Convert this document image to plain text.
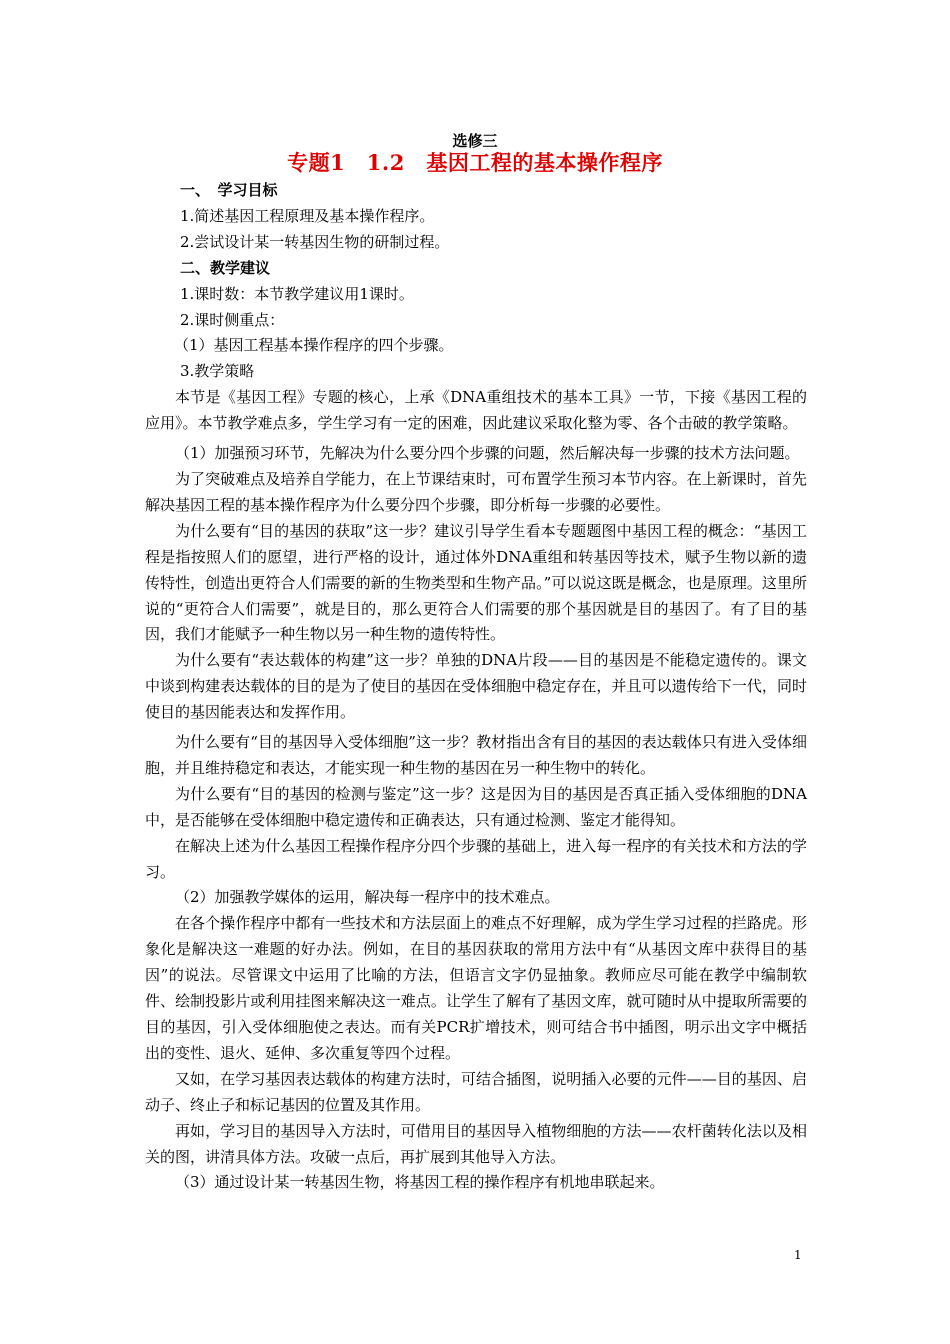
选修三
专题1　1.2　基因工程的基本操作程序

一、　学习目标

1.简述基因工程原理及基本操作程序。

2.尝试设计某一转基因生物的研制过程。

二、教学建议

1.课时数：本节教学建议用1课时。

2.课时侧重点：

（1）基因工程基本操作程序的四个步骤。

3.教学策略

本节是《基因工程》专题的核心，上承《DNA重组技术的基本工具》一节，下接《基因工程的应用》。本节教学难点多，学生学习有一定的困难，因此建议采取化整为零、各个击破的教学策略。

（1）加强预习环节，先解决为什么要分四个步骤的问题，然后解决每一步骤的技术方法问题。

为了突破难点及培养自学能力，在上节课结束时，可布置学生预习本节内容。在上新课时，首先解决基因工程的基本操作程序为什么要分四个步骤，即分析每一步骤的必要性。

为什么要有“目的基因的获取”这一步？建议引导学生看本专题题图中基因工程的概念：“基因工程是指按照人们的愿望，进行严格的设计，通过体外DNA重组和转基因等技术，赋予生物以新的遗传特性，创造出更符合人们需要的新的生物类型和生物产品。”可以说这既是概念，也是原理。这里所说的“更符合人们需要”，就是目的，那么更符合人们需要的那个基因就是目的基因了。有了目的基因，我们才能赋予一种生物以另一种生物的遗传特性。

为什么要有“表达载体的构建”这一步？单独的DNA片段——目的基因是不能稳定遗传的。课文中谈到构建表达载体的目的是为了使目的基因在受体细胞中稳定存在，并且可以遗传给下一代，同时使目的基因能表达和发挥作用。

为什么要有“目的基因导入受体细胞”这一步？教材指出含有目的基因的表达载体只有进入受体细胞，并且维持稳定和表达，才能实现一种生物的基因在另一种生物中的转化。

为什么要有“目的基因的检测与鉴定”这一步？这是因为目的基因是否真正插入受体细胞的DNA中，是否能够在受体细胞中稳定遗传和正确表达，只有通过检测、鉴定才能得知。

在解决上述为什么基因工程操作程序分四个步骤的基础上，进入每一程序的有关技术和方法的学习。

（2）加强教学媒体的运用，解决每一程序中的技术难点。

在各个操作程序中都有一些技术和方法层面上的难点不好理解，成为学生学习过程的拦路虎。形象化是解决这一难题的好办法。例如，在目的基因获取的常用方法中有“从基因文库中获得目的基因”的说法。尽管课文中运用了比喻的方法，但语言文字仍显抽象。教师应尽可能在教学中编制软件、绘制投影片或利用挂图来解决这一难点。让学生了解有了基因文库，就可随时从中提取所需要的目的基因，引入受体细胞使之表达。而有关PCR扩增技术，则可结合书中插图，明示出文字中概括出的变性、退火、延伸、多次重复等四个过程。

又如，在学习基因表达载体的构建方法时，可结合插图，说明插入必要的元件——目的基因、启动子、终止子和标记基因的位置及其作用。

再如，学习目的基因导入方法时，可借用目的基因导入植物细胞的方法——农杆菌转化法以及相关的图，讲清具体方法。攻破一点后，再扩展到其他导入方法。

（3）通过设计某一转基因生物，将基因工程的操作程序有机地串联起来。

1
